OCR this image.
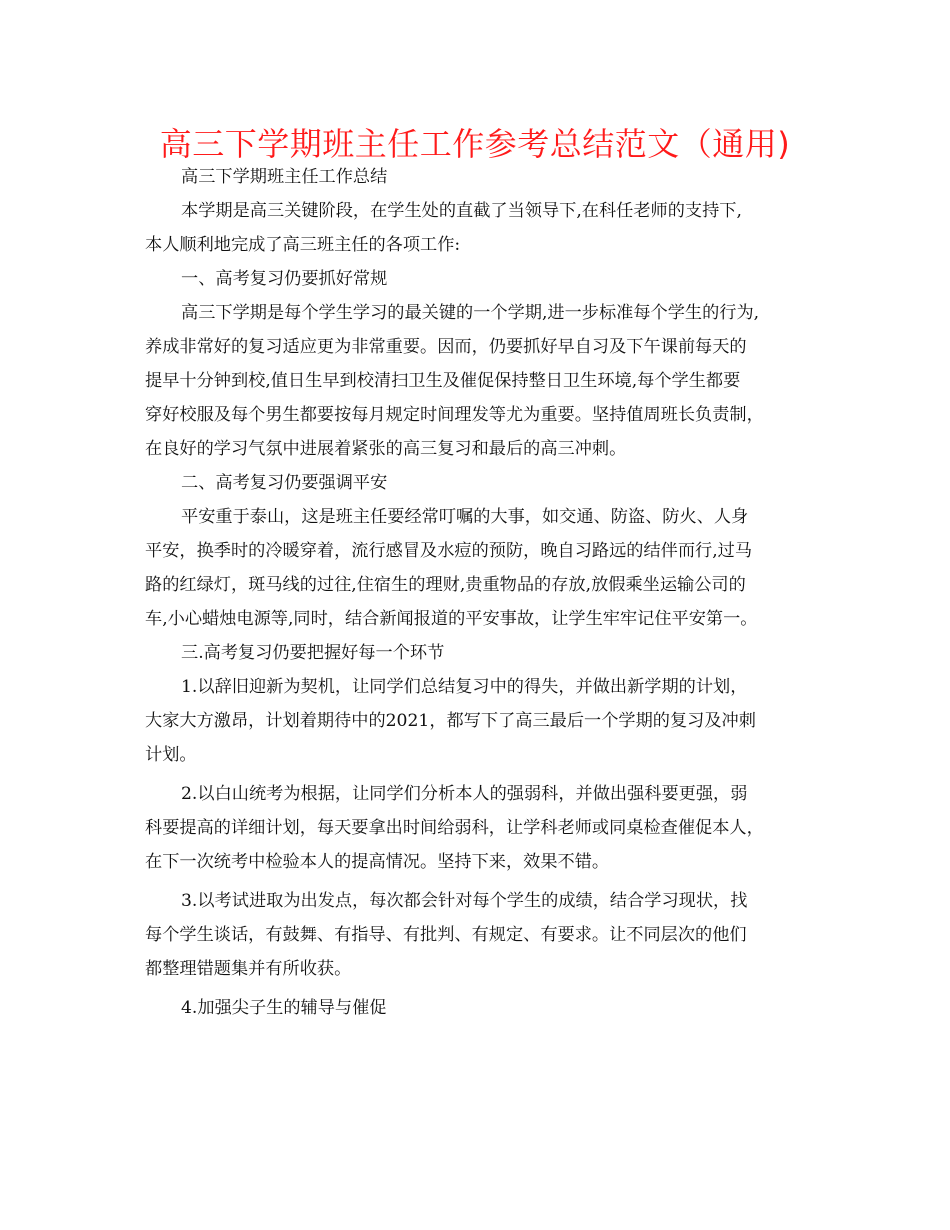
高三下学期班主任工作参考总结范文（通用)
高三下学期班主任工作总结
本学期是高三关键阶段，在学生处的直截了当领导下,在科任老师的支持下,
本人顺利地完成了高三班主任的各项工作:
一、高考复习仍要抓好常规
高三下学期是每个学生学习的最关键的一个学期,进一步标准每个学生的行为,
养成非常好的复习适应更为非常重要。因而，仍要抓好早自习及下午课前每天的
提早十分钟到校,值日生早到校清扫卫生及催促保持整日卫生环境,每个学生都要
穿好校服及每个男生都要按每月规定时间理发等尤为重要。坚持值周班长负责制，
在良好的学习气氛中进展着紧张的高三复习和最后的高三冲刺。
二、高考复习仍要强调平安
平安重于泰山，这是班主任要经常叮嘱的大事，如交通、防盗、防火、人身
平安，换季时的冷暖穿着，流行感冒及水痘的预防，晚自习路远的结伴而行,过马
路的红绿灯，斑马线的过往,住宿生的理财,贵重物品的存放,放假乘坐运输公司的
车,小心蜡烛电源等,同时，结合新闻报道的平安事故，让学生牢牢记住平安第一。
三.高考复习仍要把握好每一个环节
1.以辞旧迎新为契机，让同学们总结复习中的得失，并做出新学期的计划，
大家大方激昂，计划着期待中的2021，都写下了高三最后一个学期的复习及冲刺
计划。
2.以白山统考为根据，让同学们分析本人的强弱科，并做出强科要更强，弱
科要提高的详细计划，每天要拿出时间给弱科，让学科老师或同桌检查催促本人，
在下一次统考中检验本人的提高情况。坚持下来，效果不错。
3.以考试进取为出发点，每次都会针对每个学生的成绩，结合学习现状，找
每个学生谈话，有鼓舞、有指导、有批判、有规定、有要求。让不同层次的他们
都整理错题集并有所收获。
4.加强尖子生的辅导与催促
